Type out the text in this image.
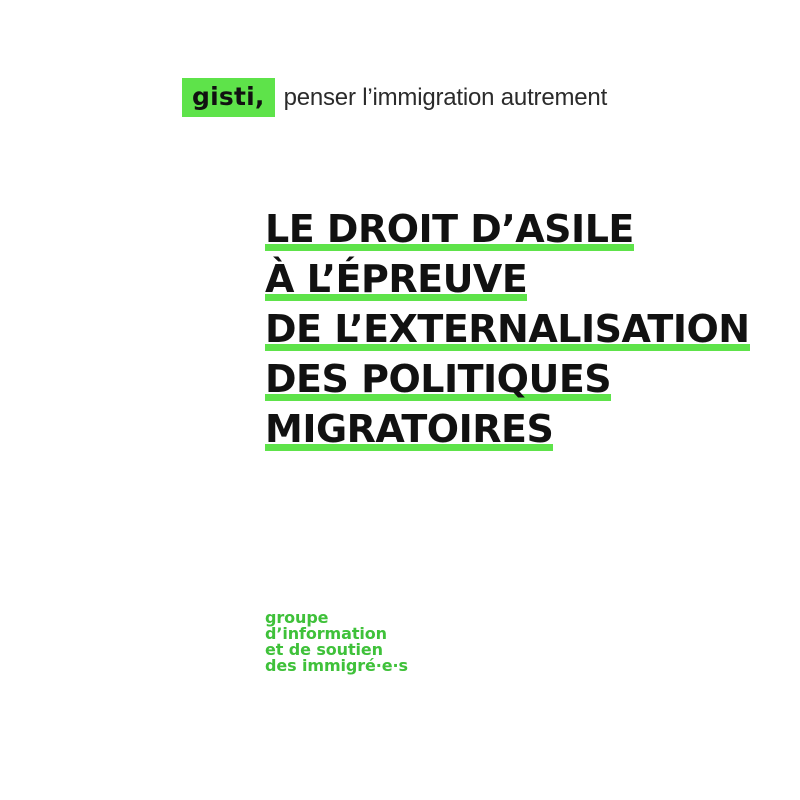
gisti, penser l’immigration autrement
LE DROIT D’ASILE
À L’ÉPREUVE
DE L’EXTERNALISATION
DES POLITIQUES
MIGRATOIRES
groupe
d’information
et de soutien
des immigré·e·s
